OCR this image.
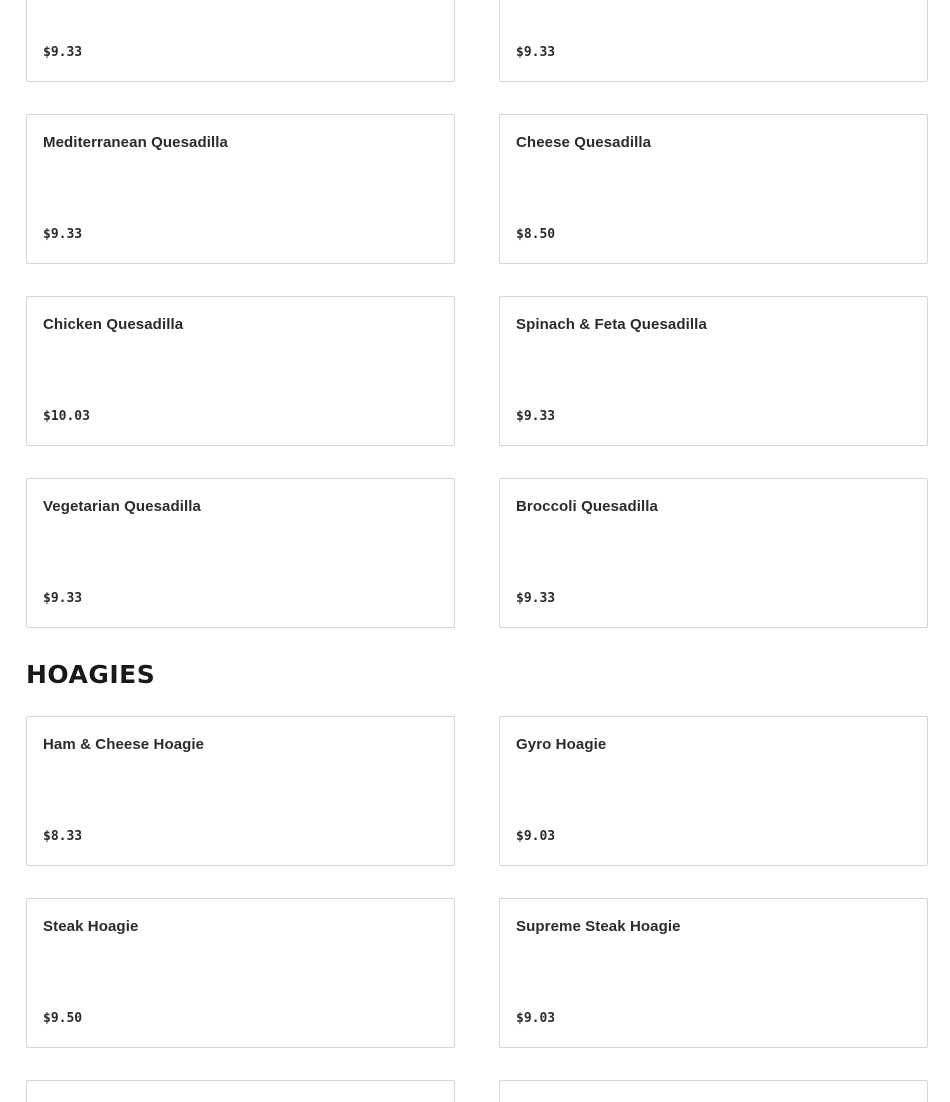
$9.33	$9.33
Mediterranean Quesadilla
$9.33
Cheese Quesadilla
$8.50
Chicken Quesadilla
$10.03
Spinach & Feta Quesadilla
$9.33
Vegetarian Quesadilla
$9.33
Broccoli Quesadilla
$9.33
HOAGIES
Ham & Cheese Hoagie
$8.33
Gyro Hoagie
$9.03
Steak Hoagie
$9.50
Supreme Steak Hoagie
$9.03
